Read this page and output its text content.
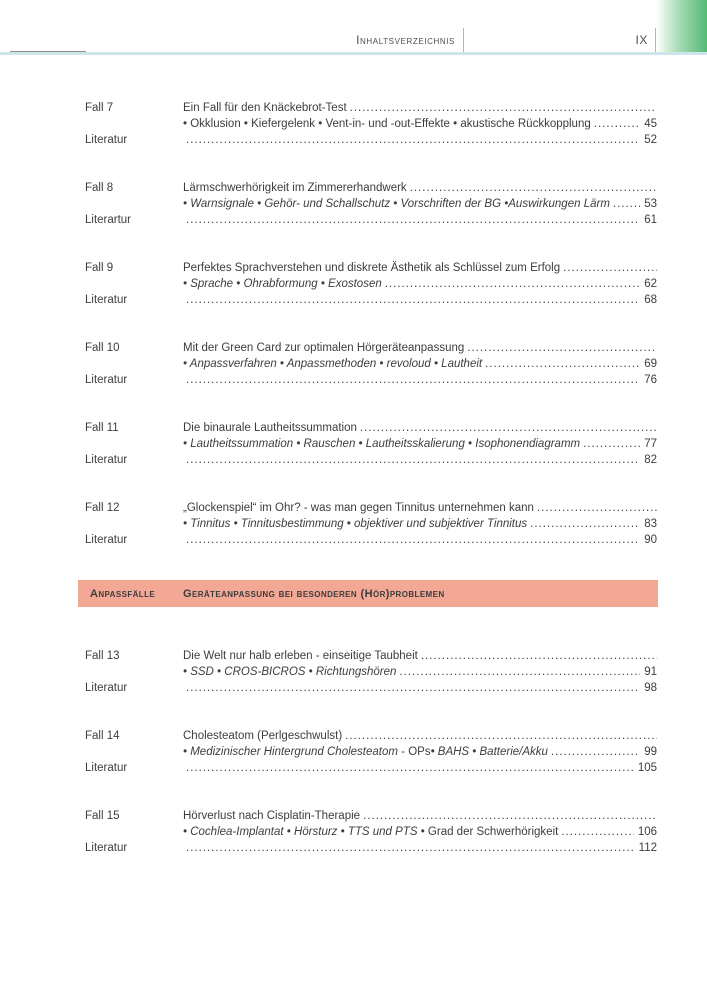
Inhaltsverzeichnis	IX
Fall 7	Ein Fall für den Knäckebrot-Test
.....
• Okklusion • Kiefergelenk • Vent-in- und -out-Effekte • akustische Rückkopplung .....	45
Literatur .....	52
Fall 8	Lärmschwerhörigkeit im Zimmererhandwerk
.....
• Warnsignale • Gehör- und Schallschutz • Vorschriften der BG •Auswirkungen Lärm .....	53
Literartur .....	61
Fall 9	Perfektes Sprachverstehen und diskrete Ästhetik als Schlüssel zum Erfolg
.....
• Sprache • Ohrabformung • Exostosen .....	62
Literatur .....	68
Fall 10	Mit der Green Card zur optimalen Hörgeräteanpassung
.....
• Anpassverfahren • Anpassmethoden • revoloud • Lautheit .....	69
Literatur .....	76
Fall 11	Die binaurale Lautheitssummation
.....
• Lautheitssummation • Rauschen • Lautheitsskalierung • Isophonendiagramm .....	77
Literatur .....	82
Fall 12	„Glockenspiel“ im Ohr? - was man gegen Tinnitus unternehmen kann
.....
• Tinnitus • Tinnitusbestimmung • objektiver und subjektiver Tinnitus .....	83
Literatur .....	90
Anpassfälle	Geräteanpassung bei besonderen (Hör)problemen
Fall 13	Die Welt nur halb erleben - einseitige Taubheit
.....
• SSD • CROS-BICROS • Richtungshören .....	91
Literatur .....	98
Fall 14	Cholesteatom (Perlgeschwulst)
.....
• Medizinischer Hintergrund Cholesteatom - OPs • BAHS • Batterie/Akku .....	99
Literatur .....	105
Fall 15	Hörverlust nach Cisplatin-Therapie
.....
• Cochlea-Implantat • Hörsturz • TTS und PTS • Grad der Schwerhörigkeit .....	106
Literatur .....	112
